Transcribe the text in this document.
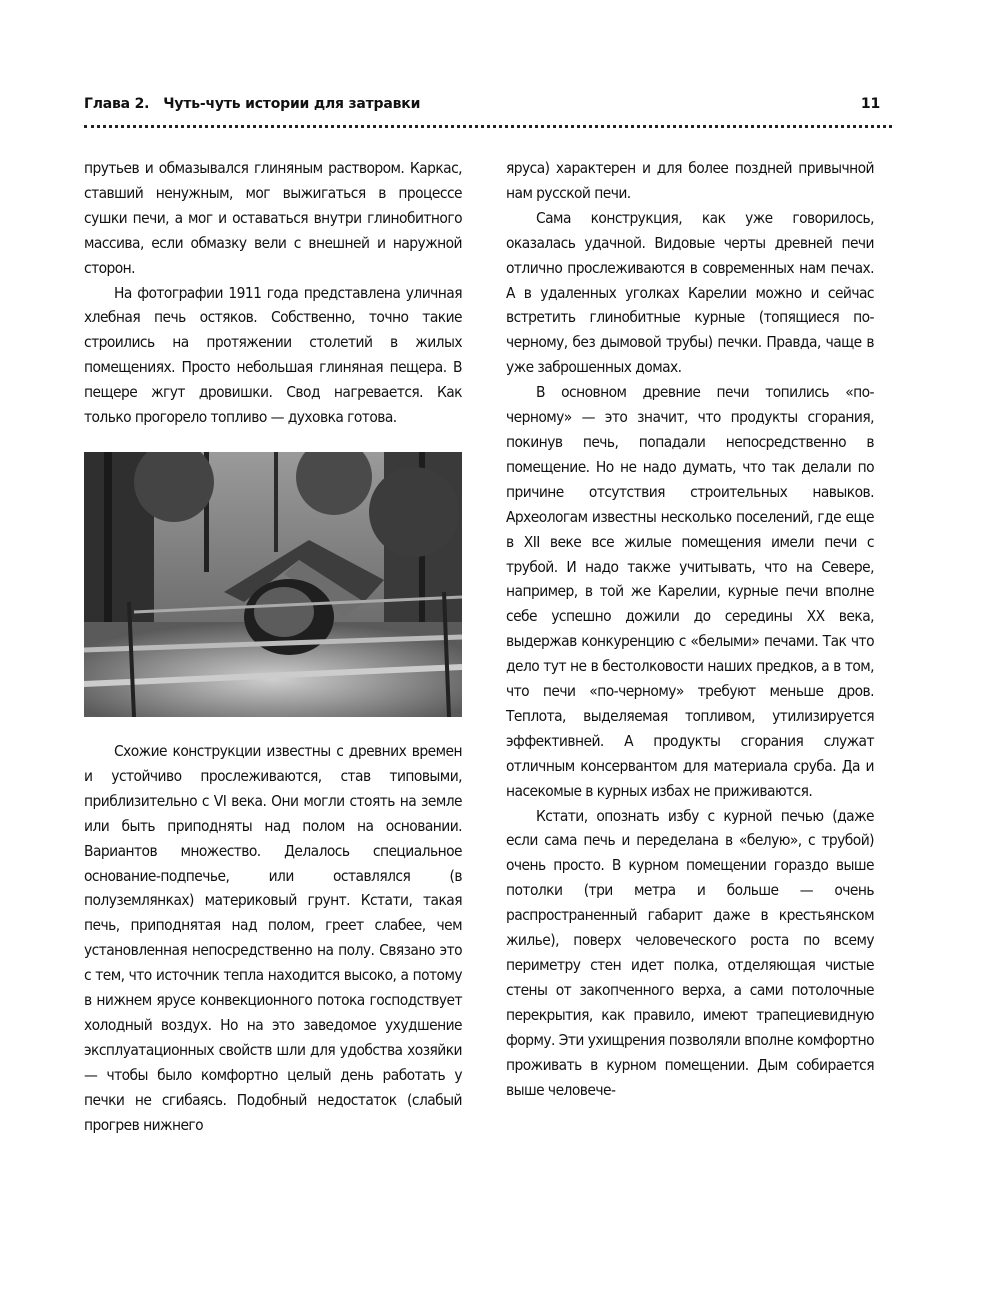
Глава 2.   Чуть-чуть истории для затравки	11

прутьев и обмазывался глиняным раствором. Каркас, ставший ненужным, мог выжигаться в процессе сушки печи, а мог и оставаться внутри глинобитного массива, если обмазку вели с внешней и наружной сторон.

На фотографии 1911 года представлена уличная хлебная печь остяков. Собственно, точно такие строились на протяжении столетий в жилых помещениях. Просто небольшая глиняная пещера. В пещере жгут дровишки. Свод нагревается. Как только прогорело топливо — духовка готова.

Схожие конструкции известны с древних времен и устойчиво прослеживаются, став типовыми, приблизительно с VI века. Они могли стоять на земле или быть приподняты над полом на основании. Вариантов множество. Делалось специальное основание-подпечье, или оставлялся (в полуземлянках) материковый грунт. Кстати, такая печь, приподнятая над полом, греет слабее, чем установленная непосредственно на полу. Связано это с тем, что источник тепла находится высоко, а потому в нижнем ярусе конвекционного потока господствует холодный воздух. Но на это заведомое ухудшение эксплуатационных свойств шли для удобства хозяйки — чтобы было комфортно целый день работать у печки не сгибаясь. Подобный недостаток (слабый прогрев нижнего

яруса) характерен и для более поздней привычной нам русской печи.

Сама конструкция, как уже говорилось, оказалась удачной. Видовые черты древней печи отлично прослеживаются в современных нам печах. А в удаленных уголках Карелии можно и сейчас встретить глинобитные курные (топящиеся по-черному, без дымовой трубы) печки. Правда, чаще в уже заброшенных домах.

В основном древние печи топились «по-черному» — это значит, что продукты сгорания, покинув печь, попадали непосредственно в помещение. Но не надо думать, что так делали по причине отсутствия строительных навыков. Археологам известны несколько поселений, где еще в XII веке все жилые помещения имели печи с трубой. И надо также учитывать, что на Севере, например, в той же Карелии, курные печи вполне себе успешно дожили до середины XX века, выдержав конкуренцию с «белыми» печами. Так что дело тут не в бестолковости наших предков, а в том, что печи «по-черному» требуют меньше дров. Теплота, выделяемая топливом, утилизируется эффективней. А продукты сгорания служат отличным консервантом для материала сруба. Да и насекомые в курных избах не приживаются.

Кстати, опознать избу с курной печью (даже если сама печь и переделана в «белую», с трубой) очень просто. В курном помещении гораздо выше потолки (три метра и больше — очень распространенный габарит даже в крестьянском жилье), поверх человеческого роста по всему периметру стен идет полка, отделяющая чистые стены от закопченного верха, а сами потолочные перекрытия, как правило, имеют трапециевидную форму. Эти ухищрения позволяли вполне комфортно проживать в курном помещении. Дым собирается выше человече-
